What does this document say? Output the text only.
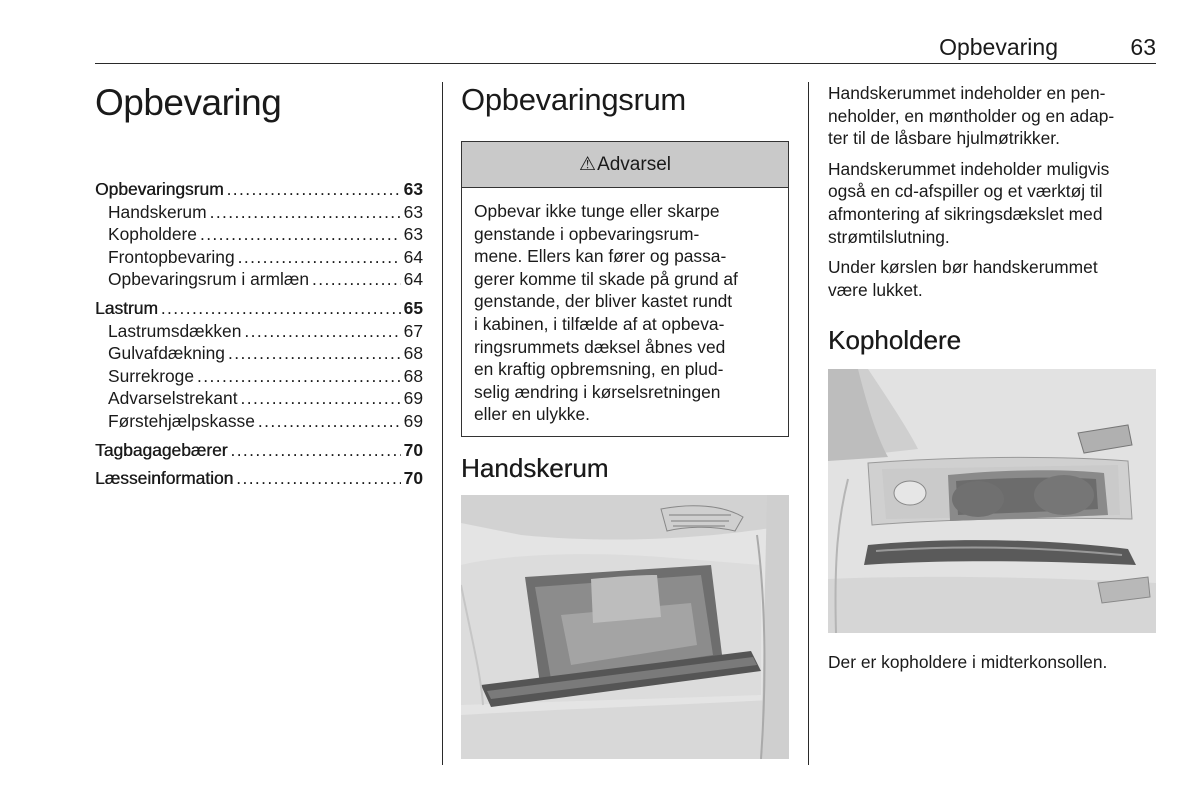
Opbevaring	63
Opbevaring
Opbevaringsrum .....	63
Handskerum .....	63
Kopholdere .....	63
Frontopbevaring .....	64
Opbevaringsrum i armlæn .....	64
Lastrum .....	65
Lastrumsdækken .....	67
Gulvafdækning .....	68
Surrekroge .....	68
Advarselstrekant .....	69
Førstehjælpskasse .....	69
Tagbagagebærer .....	70
Læsseinformation .....	70
Opbevaringsrum
⚠ Advarsel
Opbevar ikke tunge eller skarpe
genstande i opbevaringsrum-
mene. Ellers kan fører og passa-
gerer komme til skade på grund af
genstande, der bliver kastet rundt
i kabinen, i tilfælde af at opbeva-
ringsrummets dæksel åbnes ved
en kraftig opbremsning, en plud-
selig ændring i kørselsretningen
eller en ulykke.
Handskerum

Handskerummet indeholder en pen-
neholder, en møntholder og en adap-
ter til de låsbare hjulmøtrikker.

Handskerummet indeholder muligvis
også en cd-afspiller og et værktøj til
afmontering af sikringsdækslet med
strømtilslutning.

Under kørslen bør handskerummet
være lukket.

Kopholdere
Der er kopholdere i midterkonsollen.
